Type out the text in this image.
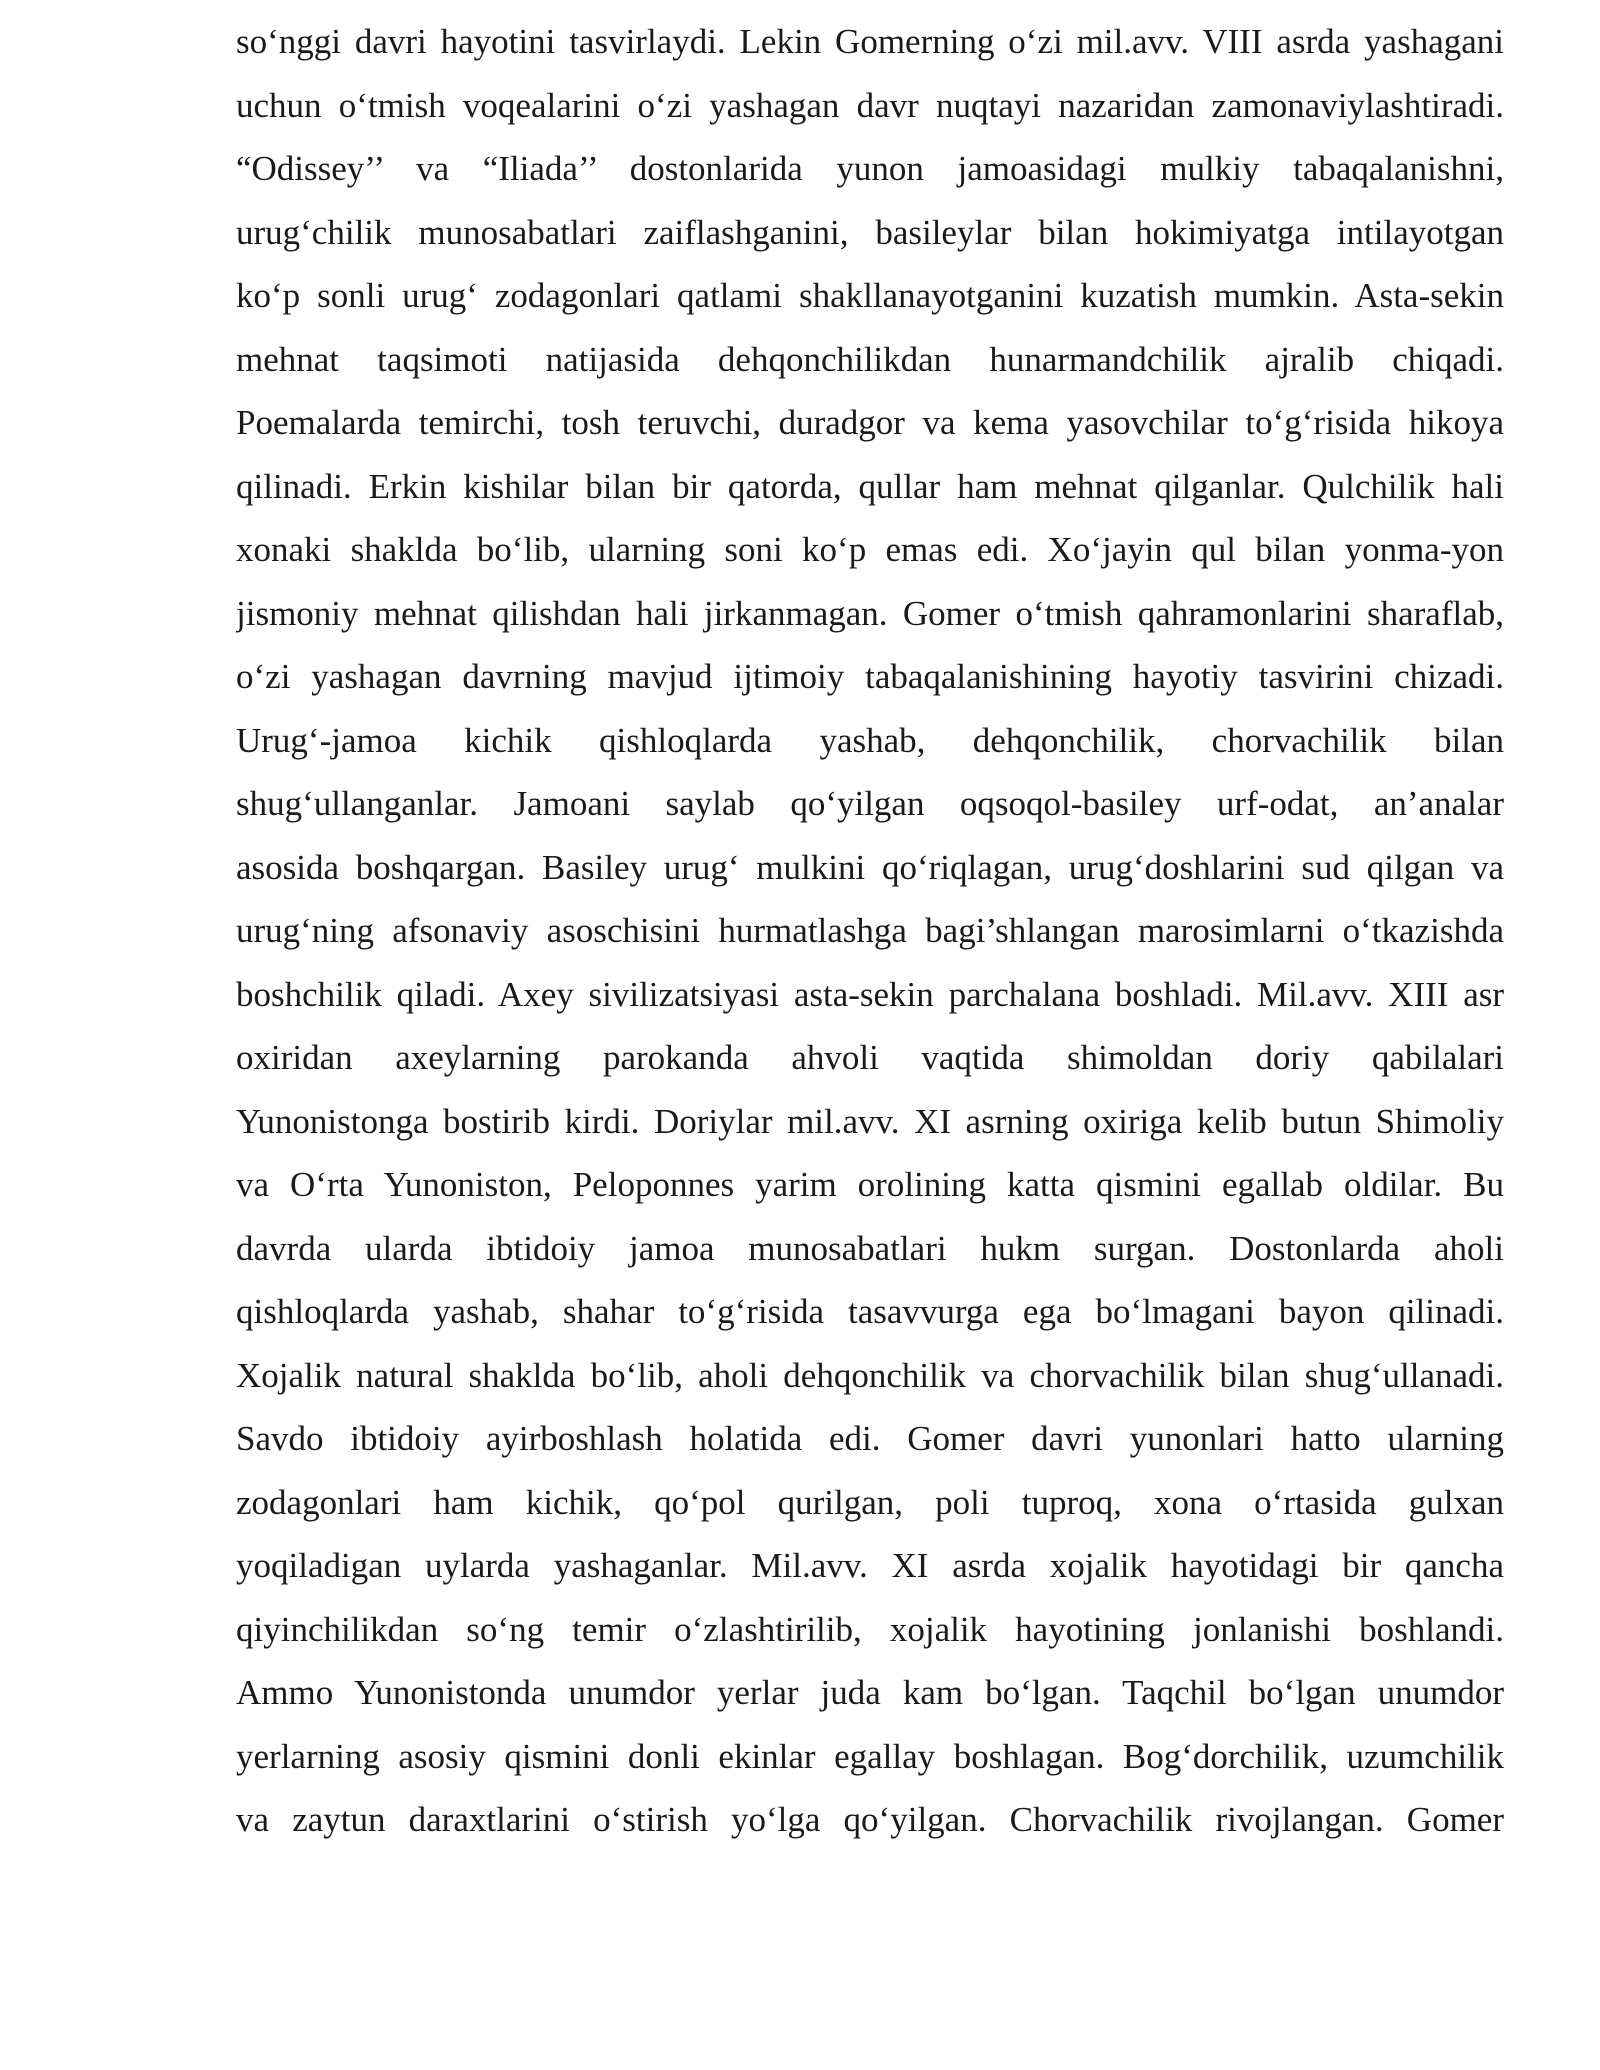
so‘nggi davri hayotini tasvirlaydi. Lekin Gomerning o‘zi mil.avv. VIII asrda yashagani
uchun o‘tmish voqealarini o‘zi yashagan davr nuqtayi nazaridan zamonaviylashtiradi.
“Odissey’’ va “Iliada’’ dostonlarida yunon jamoasidagi mulkiy tabaqalanishni,
urug‘chilik munosabatlari zaiflashganini, basileylar bilan hokimiyatga intilayotgan
ko‘p sonli urug‘ zodagonlari qatlami shakllanayotganini kuzatish mumkin. Asta-sekin
mehnat taqsimoti natijasida dehqonchilikdan hunarmandchilik ajralib chiqadi.
Poemalarda temirchi, tosh teruvchi, duradgor va kema yasovchilar to‘g‘risida hikoya
qilinadi. Erkin kishilar bilan bir qatorda, qullar ham mehnat qilganlar. Qulchilik hali
xonaki shaklda bo‘lib, ularning soni ko‘p emas edi. Xo‘jayin qul bilan yonma-yon
jismoniy mehnat qilishdan hali jirkanmagan. Gomer o‘tmish qahramonlarini sharaflab,
o‘zi yashagan davrning mavjud ijtimoiy tabaqalanishining hayotiy tasvirini chizadi.
Urug‘-jamoa kichik qishloqlarda yashab, dehqonchilik, chorvachilik bilan
shug‘ullanganlar. Jamoani saylab qo‘yilgan oqsoqol-basiley urf-odat, an’analar
asosida boshqargan. Basiley urug‘ mulkini qo‘riqlagan, urug‘doshlarini sud qilgan va
urug‘ning afsonaviy asoschisini hurmatlashga bagi’shlangan marosimlarni o‘tkazishda
boshchilik qiladi. Axey sivilizatsiyasi asta-sekin parchalana boshladi. Mil.avv. XIII asr
oxiridan axeylarning parokanda ahvoli vaqtida shimoldan doriy qabilalari
Yunonistonga bostirib kirdi. Doriylar mil.avv. XI asrning oxiriga kelib butun Shimoliy
va O‘rta Yunoniston, Peloponnes yarim orolining katta qismini egallab oldilar. Bu
davrda ularda ibtidoiy jamoa munosabatlari hukm surgan. Dostonlarda aholi
qishloqlarda yashab, shahar to‘g‘risida tasavvurga ega bo‘lmagani bayon qilinadi.
Xojalik natural shaklda bo‘lib, aholi dehqonchilik va chorvachilik bilan shug‘ullanadi.
Savdo ibtidoiy ayirboshlash holatida edi. Gomer davri yunonlari hatto ularning
zodagonlari ham kichik, qo‘pol qurilgan, poli tuproq, xona o‘rtasida gulxan
yoqiladigan uylarda yashaganlar. Mil.avv. XI asrda xojalik hayotidagi bir qancha
qiyinchilikdan so‘ng temir o‘zlashtirilib, xojalik hayotining jonlanishi boshlandi.
Ammo Yunonistonda unumdor yerlar juda kam bo‘lgan. Taqchil bo‘lgan unumdor
yerlarning asosiy qismini donli ekinlar egallay boshlagan. Bog‘dorchilik, uzumchilik
va zaytun daraxtlarini o‘stirish yo‘lga qo‘yilgan. Chorvachilik rivojlangan. Gomer
